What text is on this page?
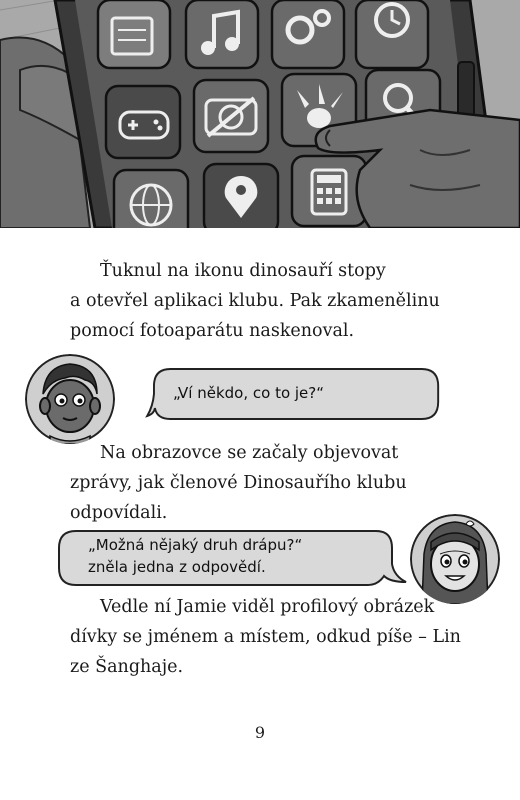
Ťuknul na ikonu dinosauří stopy
a otevřel aplikaci klubu. Pak zkamenělinu
pomocí fotoaparátu naskenoval.
„Ví někdo, co to je?“
Na obrazovce se začaly objevovat
zprávy, jak členové Dinosauřího klubu
odpovídali.
„Možná nějaký druh drápu?“
zněla jedna z odpovědí.
Vedle ní Jamie viděl profilový obrázek
dívky se jménem a místem, odkud píše – Lin
ze Šanghaje.
9
